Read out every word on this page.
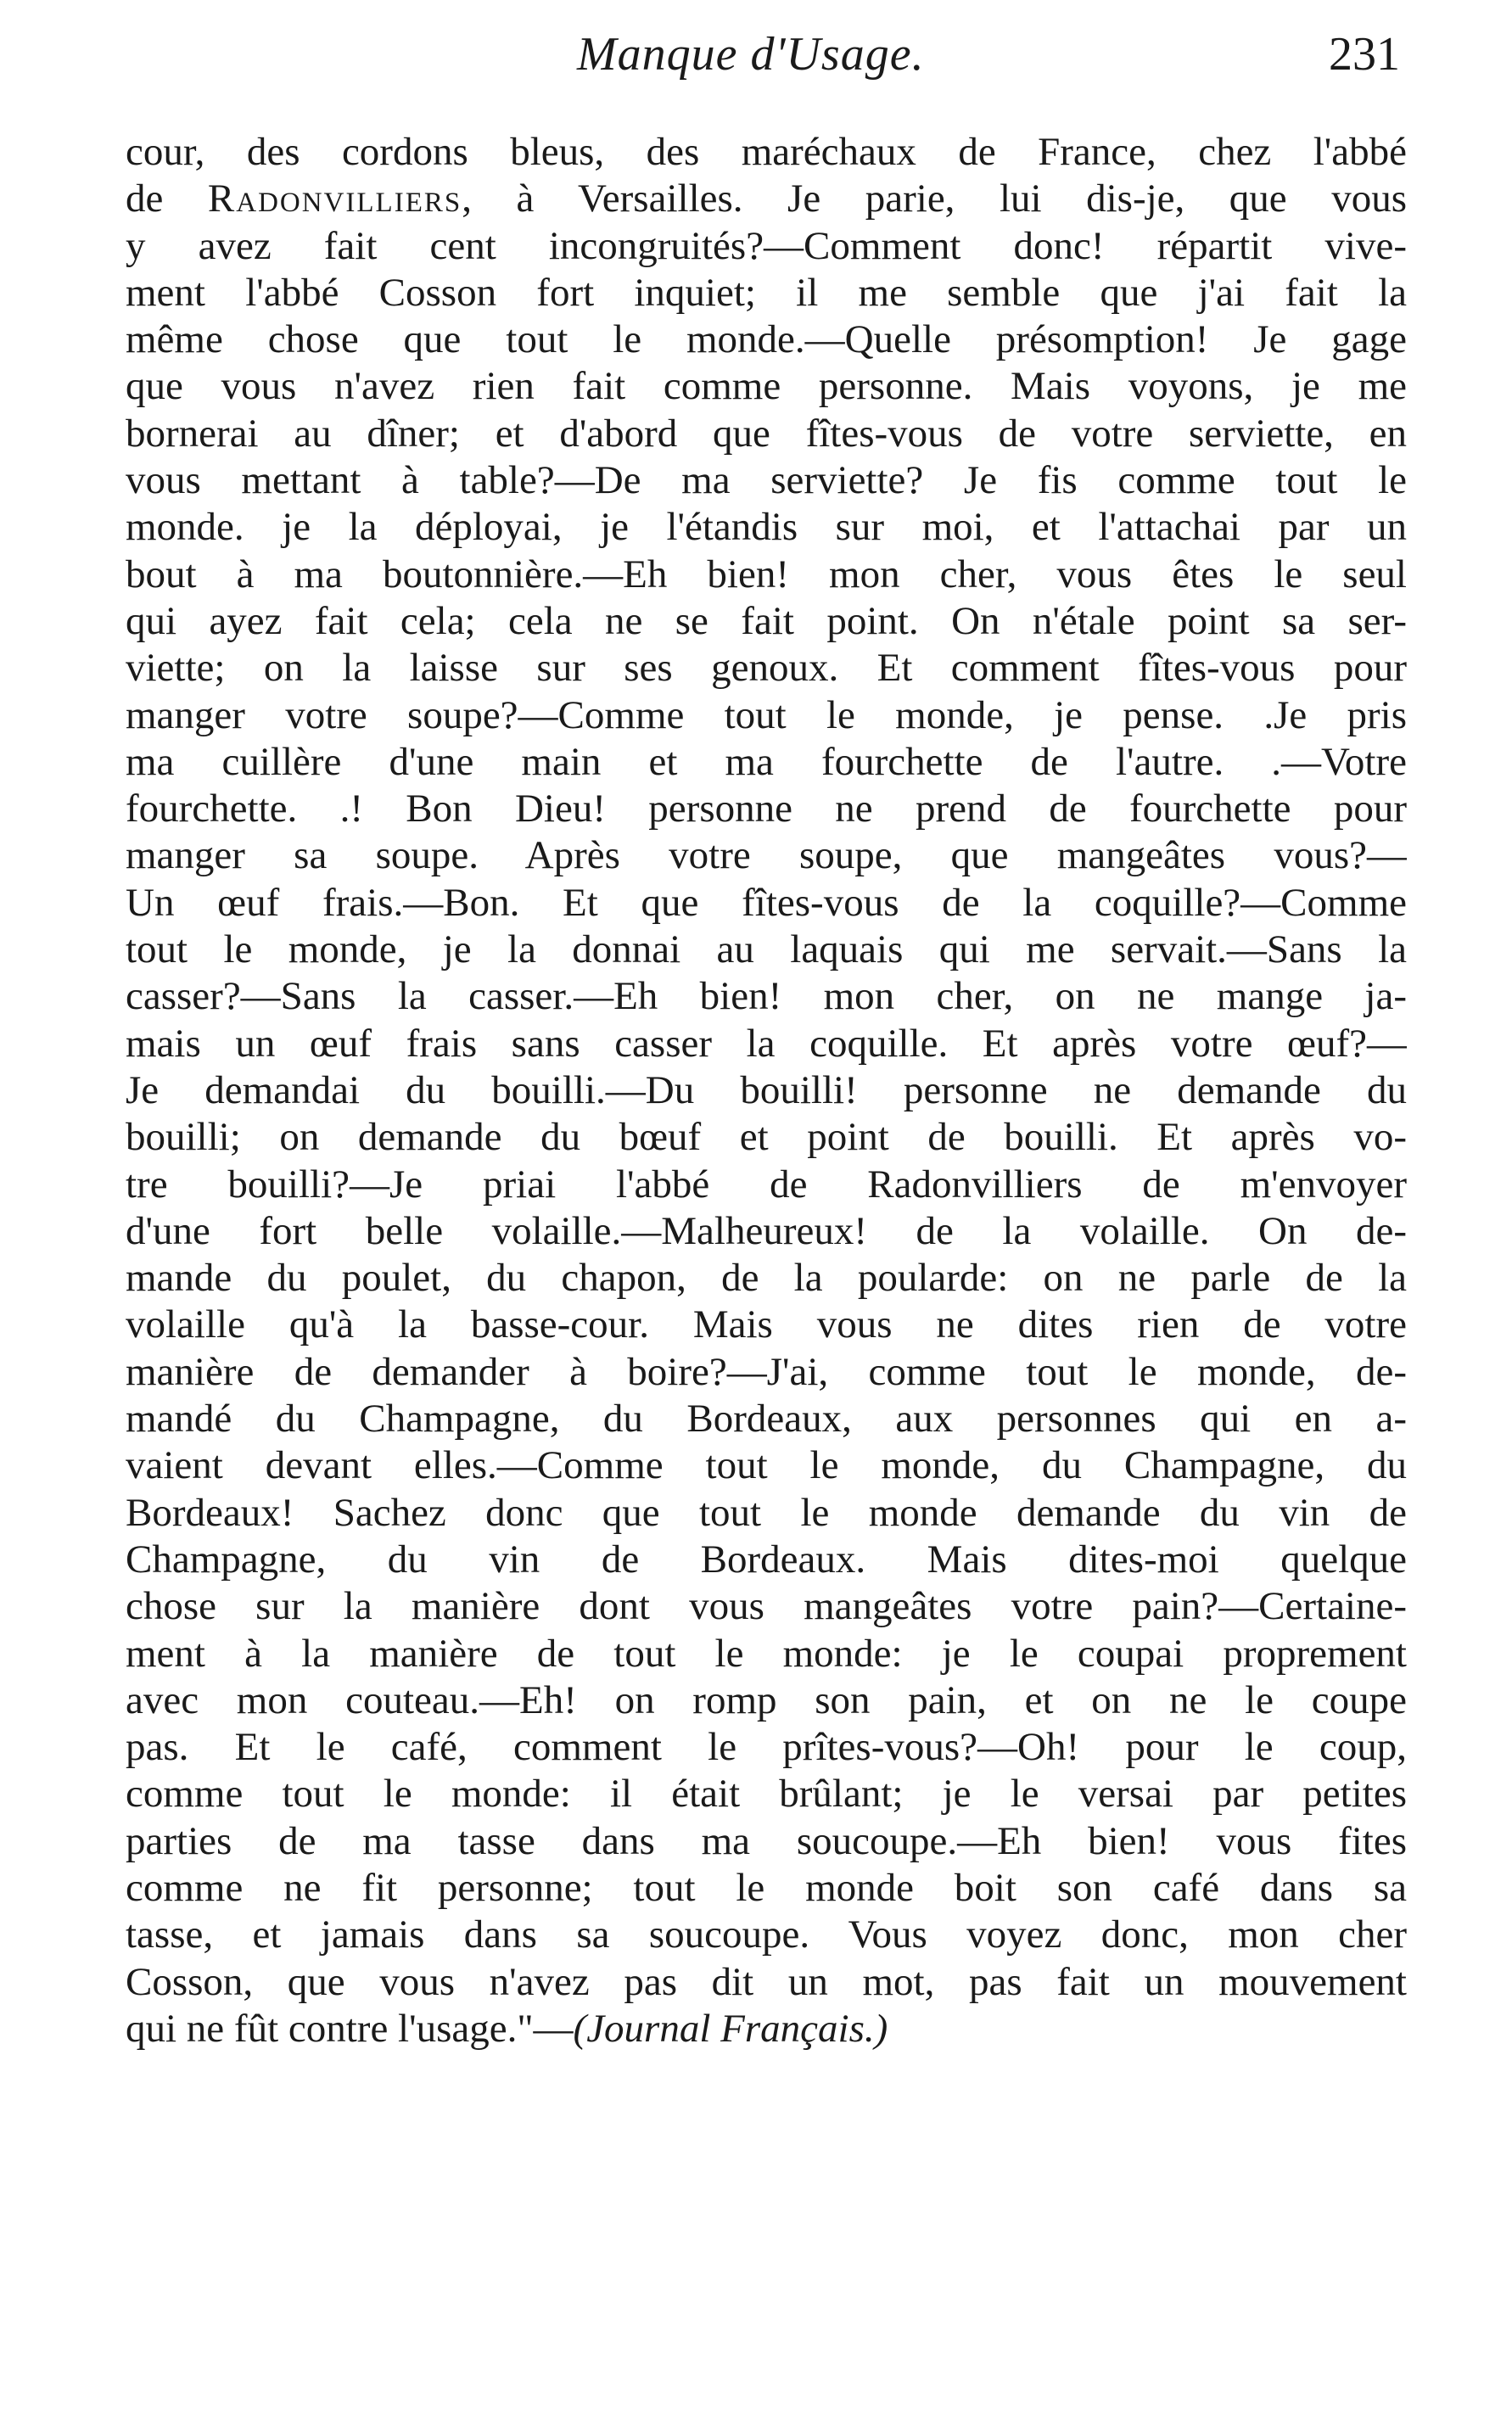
Manque d'Usage.	231
cour, des cordons bleus, des maréchaux de France, chez l'abbé
de Radonvilliers, à Versailles. Je parie, lui dis-je, que vous
y avez fait cent incongruités?—Comment donc! répartit vive-
ment l'abbé Cosson fort inquiet; il me semble que j'ai fait la
même chose que tout le monde.—Quelle présomption! Je gage
que vous n'avez rien fait comme personne. Mais voyons, je me
bornerai au dîner; et d'abord que fîtes-vous de votre serviette, en
vous mettant à table?—De ma serviette? Je fis comme tout le
monde. je la déployai, je l'étandis sur moi, et l'attachai par un
bout à ma boutonnière.—Eh bien! mon cher, vous êtes le seul
qui ayez fait cela; cela ne se fait point. On n'étale point sa ser-
viette; on la laisse sur ses genoux. Et comment fîtes-vous pour
manger votre soupe?—Comme tout le monde, je pense. .Je pris
ma cuillère d'une main et ma fourchette de l'autre. .—Votre
fourchette. .! Bon Dieu! personne ne prend de fourchette pour
manger sa soupe. Après votre soupe, que mangeâtes vous?—
Un œuf frais.—Bon. Et que fîtes-vous de la coquille?—Comme
tout le monde, je la donnai au laquais qui me servait.—Sans la
casser?—Sans la casser.—Eh bien! mon cher, on ne mange ja-
mais un œuf frais sans casser la coquille. Et après votre œuf?—
Je demandai du bouilli.—Du bouilli! personne ne demande du
bouilli; on demande du bœuf et point de bouilli. Et après vo-
tre bouilli?—Je priai l'abbé de Radonvilliers de m'envoyer
d'une fort belle volaille.—Malheureux! de la volaille. On de-
mande du poulet, du chapon, de la poularde: on ne parle de la
volaille qu'à la basse-cour. Mais vous ne dites rien de votre
manière de demander à boire?—J'ai, comme tout le monde, de-
mandé du Champagne, du Bordeaux, aux personnes qui en a-
vaient devant elles.—Comme tout le monde, du Champagne, du
Bordeaux! Sachez donc que tout le monde demande du vin de
Champagne, du vin de Bordeaux. Mais dites-moi quelque
chose sur la manière dont vous mangeâtes votre pain?—Certaine-
ment à la manière de tout le monde: je le coupai proprement
avec mon couteau.—Eh! on romp son pain, et on ne le coupe
pas. Et le café, comment le prîtes-vous?—Oh! pour le coup,
comme tout le monde: il était brûlant; je le versai par petites
parties de ma tasse dans ma soucoupe.—Eh bien! vous fites
comme ne fit personne; tout le monde boit son café dans sa
tasse, et jamais dans sa soucoupe. Vous voyez donc, mon cher
Cosson, que vous n'avez pas dit un mot, pas fait un mouvement
qui ne fût contre l'usage."—(Journal Français.)
